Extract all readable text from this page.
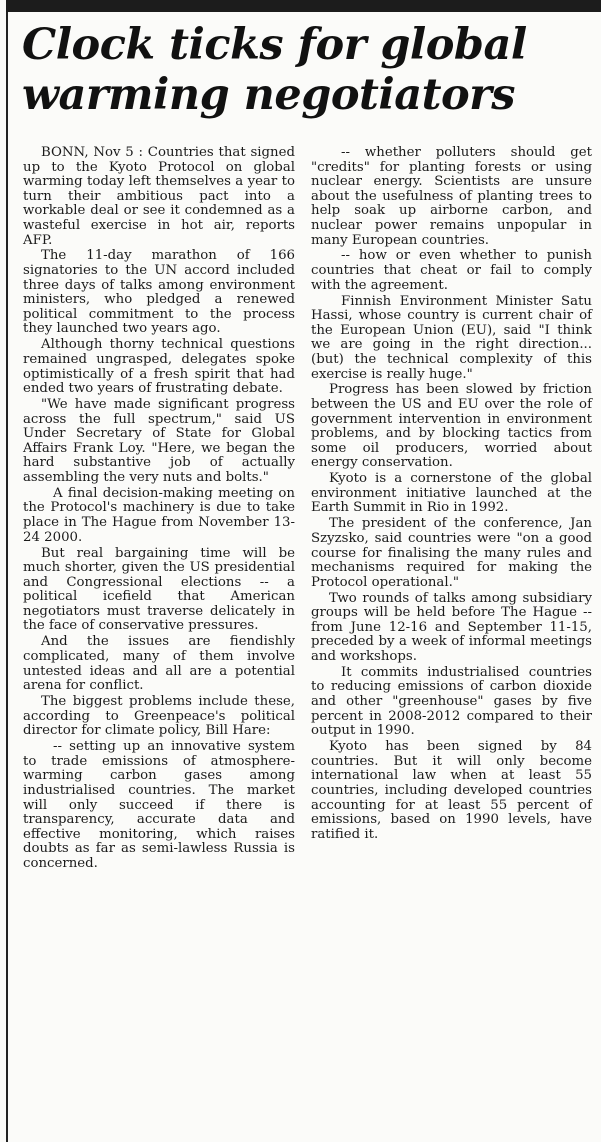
Clock ticks for global
warming negotiators

BONN, Nov 5 : Countries that signed up to the Kyoto Protocol on global warming today left themselves a year to turn their ambitious pact into a workable deal or see it condemned as a wasteful exercise in hot air, reports AFP.

The 11-day marathon of 166 signatories to the UN accord included three days of talks among environment ministers, who pledged a renewed political commitment to the process they launched two years ago.

Although thorny technical questions remained ungrasped, delegates spoke optimistically of a fresh spirit that had ended two years of frustrating debate.

"We have made significant progress across the full spectrum," said US Under Secretary of State for Global Affairs Frank Loy. "Here, we began the hard substantive job of actually assembling the very nuts and bolts."

A final decision-making meeting on the Protocol's machinery is due to take place in The Hague from November 13-24 2000.

But real bargaining time will be much shorter, given the US presidential and Congressional elections -- a political icefield that American negotiators must traverse delicately in the face of conservative pressures.

And the issues are fiendishly complicated, many of them involve untested ideas and all are a potential arena for conflict.

The biggest problems include these, according to Greenpeace's political director for climate policy, Bill Hare:

-- setting up an innovative system to trade emissions of atmosphere-warming carbon gases among industrialised countries. The market will only succeed if there is transparency, accurate data and effective monitoring, which raises doubts as far as semi-lawless Russia is concerned.

-- whether polluters should get "credits" for planting forests or using nuclear energy. Scientists are unsure about the usefulness of planting trees to help soak up airborne carbon, and nuclear power remains unpopular in many European countries.

-- how or even whether to punish countries that cheat or fail to comply with the agreement.

Finnish Environment Minister Satu Hassi, whose country is current chair of the European Union (EU), said "I think we are going in the right direction... (but) the technical complexity of this exercise is really huge."

Progress has been slowed by friction between the US and EU over the role of government intervention in environment problems, and by blocking tactics from some oil producers, worried about energy conservation.

Kyoto is a cornerstone of the global environment initiative launched at the Earth Summit in Rio in 1992.

The president of the conference, Jan Szyzsko, said countries were "on a good course for finalising the many rules and mechanisms required for making the Protocol operational."

Two rounds of talks among subsidiary groups will be held before The Hague -- from June 12-16 and September 11-15, preceded by a week of informal meetings and workshops.

It commits industrialised countries to reducing emissions of carbon dioxide and other "greenhouse" gases by five percent in 2008-2012 compared to their output in 1990.

Kyoto has been signed by 84 countries. But it will only become international law when at least 55 countries, including developed countries accounting for at least 55 percent of emissions, based on 1990 levels, have ratified it.
